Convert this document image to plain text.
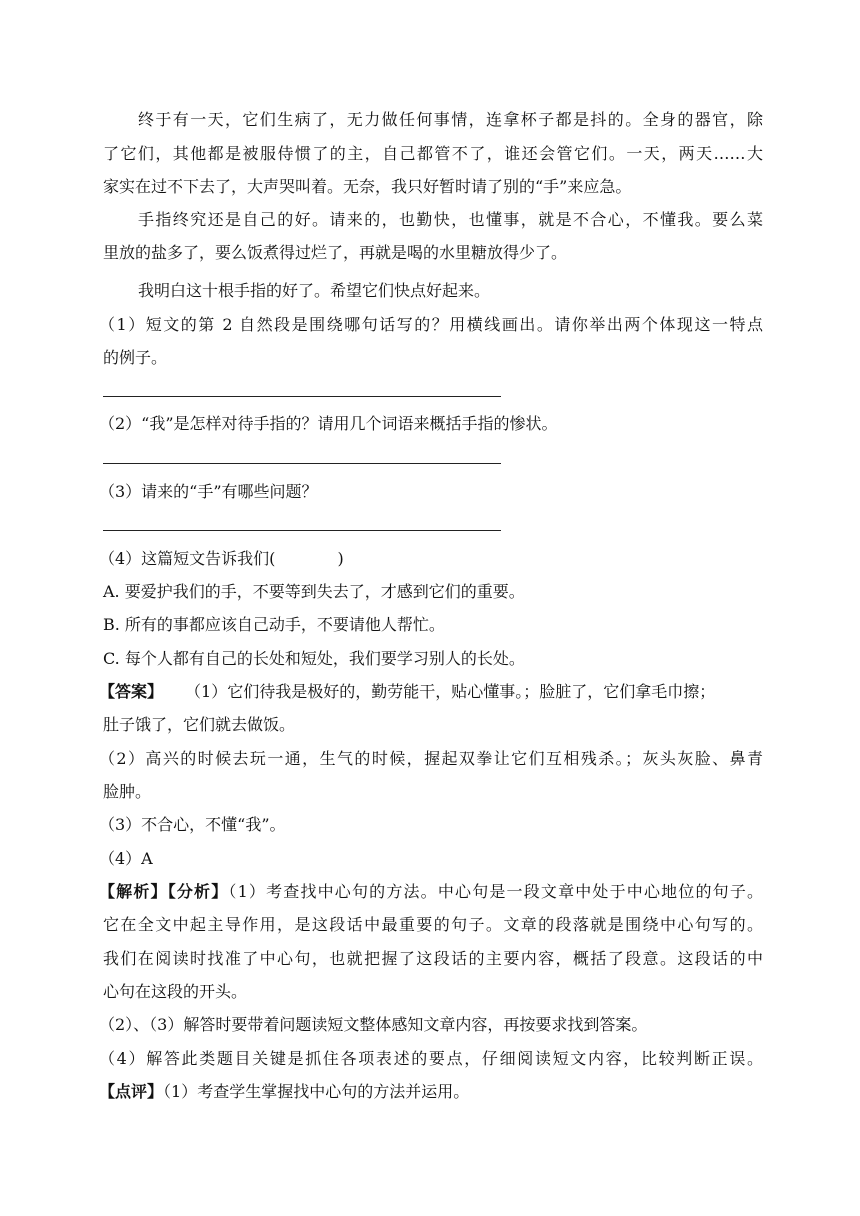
终于有一天，它们生病了，无力做任何事情，连拿杯子都是抖的。全身的器官，除
了它们，其他都是被服侍惯了的主，自己都管不了，谁还会管它们。一天，两天……大
家实在过不下去了，大声哭叫着。无奈，我只好暂时请了别的“手”来应急。
手指终究还是自己的好。请来的，也勤快，也懂事，就是不合心，不懂我。要么菜
里放的盐多了，要么饭煮得过烂了，再就是喝的水里糖放得少了。
我明白这十根手指的好了。希望它们快点好起来。
（1）短文的第 2 自然段是围绕哪句话写的？用横线画出。请你举出两个体现这一特点
的例子。
（2）“我”是怎样对待手指的？请用几个词语来概括手指的惨状。
（3）请来的“手”有哪些问题？
（4）这篇短文告诉我们(	)
A. 要爱护我们的手，不要等到失去了，才感到它们的重要。
B. 所有的事都应该自己动手，不要请他人帮忙。
C. 每个人都有自己的长处和短处，我们要学习别人的长处。
【答案】 （1）它们待我是极好的，勤劳能干，贴心懂事。；脸脏了，它们拿毛巾擦；
肚子饿了，它们就去做饭。
（2）高兴的时候去玩一通，生气的时候，握起双拳让它们互相残杀。；灰头灰脸、鼻青
脸肿。
（3）不合心，不懂“我”。
（4）A
【解析】【分析】（1）考查找中心句的方法。中心句是一段文章中处于中心地位的句子。
它在全文中起主导作用，是这段话中最重要的句子。文章的段落就是围绕中心句写的。
我们在阅读时找准了中心句，也就把握了这段话的主要内容，概括了段意。这段话的中
心句在这段的开头。
（2）、（3）解答时要带着问题读短文整体感知文章内容，再按要求找到答案。
（4）解答此类题目关键是抓住各项表述的要点，仔细阅读短文内容，比较判断正误。
【点评】（1）考查学生掌握找中心句的方法并运用。
